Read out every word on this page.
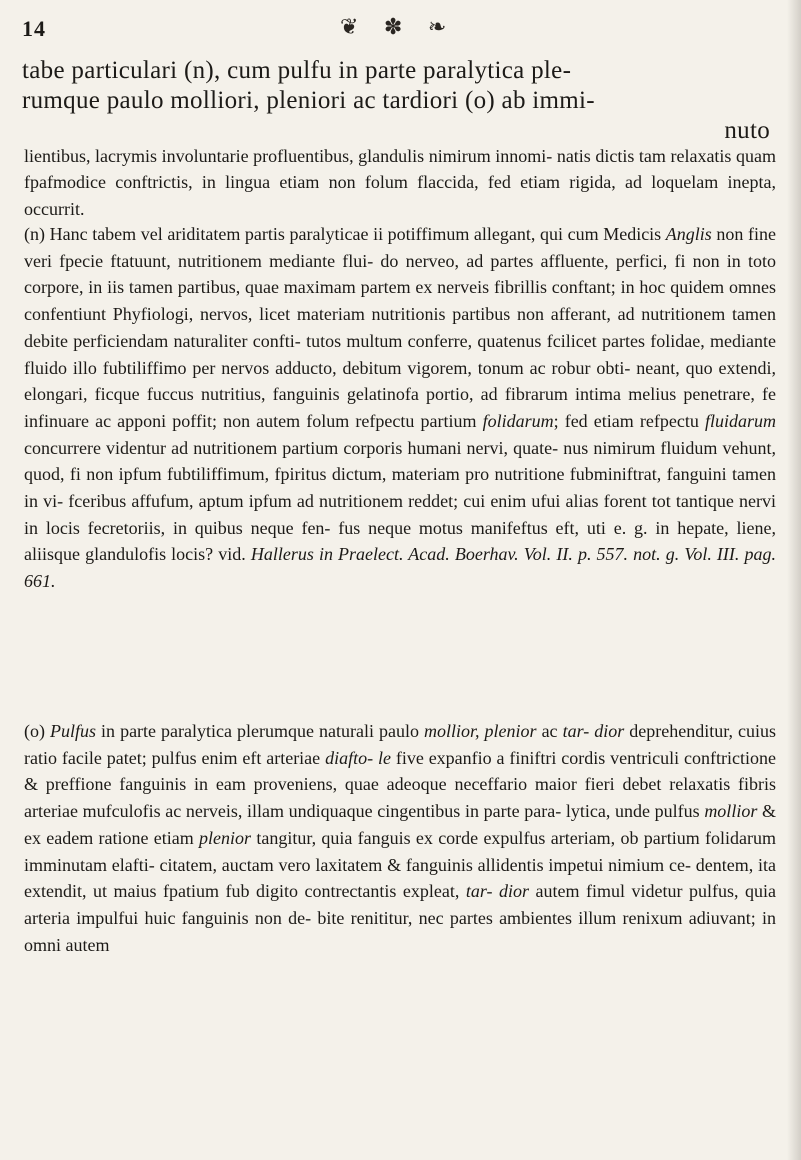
14	❦ ✽ ❧
tabe particulari (n), cum pulfu in parte paralytica ple-
rumque paulo molliori, pleniori ac tardiori (o) ab immi-
nuto
lientibus, lacrymis involuntarie profluentibus, glandulis nimirum innomi- natis dictis tam relaxatis quam fpafmodice conftrictis, in lingua etiam non folum flaccida, fed etiam rigida, ad loquelam inepta, occurrit.
(n) Hanc tabem vel ariditatem partis paralyticae ii potiffimum allegant, qui cum Medicis Anglis non fine veri fpecie ftatuunt, nutritionem mediante flui- do nerveo, ad partes affluente, perfici, fi non in toto corpore, in iis tamen partibus, quae maximam partem ex nerveis fibrillis conftant; in hoc quidem omnes confentiunt Phyfiologi, nervos, licet materiam nutritionis partibus non afferant, ad nutritionem tamen debite perficiendam naturaliter confti- tutos multum conferre, quatenus fcilicet partes folidae, mediante fluido illo fubtiliffimo per nervos adducto, debitum vigorem, tonum ac robur obti- neant, quo extendi, elongari, ficque fuccus nutritius, fanguinis gelatinofa portio, ad fibrarum intima melius penetrare, fe infinuare ac apponi poffit; non autem folum refpectu partium folidarum; fed etiam refpectu fluidarum concurrere videntur ad nutritionem partium corporis humani nervi, quate- nus nimirum fluidum vehunt, quod, fi non ipfum fubtiliffimum, fpiritus dictum, materiam pro nutritione fubminiftrat, fanguini tamen in vi- fceribus affufum, aptum ipfum ad nutritionem reddet; cui enim ufui alias forent tot tantique nervi in locis fecretoriis, in quibus neque fen- fus neque motus manifeftus eft, uti e. g. in hepate, liene, aliisque glandulofis locis? vid. Hallerus in Praelect. Acad. Boerhav. Vol. II. p. 557. not. g. Vol. III. pag. 661.
(o) Pulfus in parte paralytica plerumque naturali paulo mollior, plenior ac tar- dior deprehenditur, cuius ratio facile patet; pulfus enim eft arteriae diafto- le five expanfio a finiftri cordis ventriculi conftrictione & preffione fanguinis in eam proveniens, quae adeoque neceffario maior fieri debet relaxatis fibris arteriae mufculofis ac nerveis, illam undiquaque cingentibus in parte para- lytica, unde pulfus mollior & ex eadem ratione etiam plenior tangitur, quia fanguis ex corde expulfus arteriam, ob partium folidarum imminutam elafti- citatem, auctam vero laxitatem & fanguinis allidentis impetui nimium ce- dentem, ita extendit, ut maius fpatium fub digito contrectantis expleat, tar- dior autem fimul videtur pulfus, quia arteria impulfui huic fanguinis non de- bite renititur, nec partes ambientes illum renixum adiuvant; in omni autem
